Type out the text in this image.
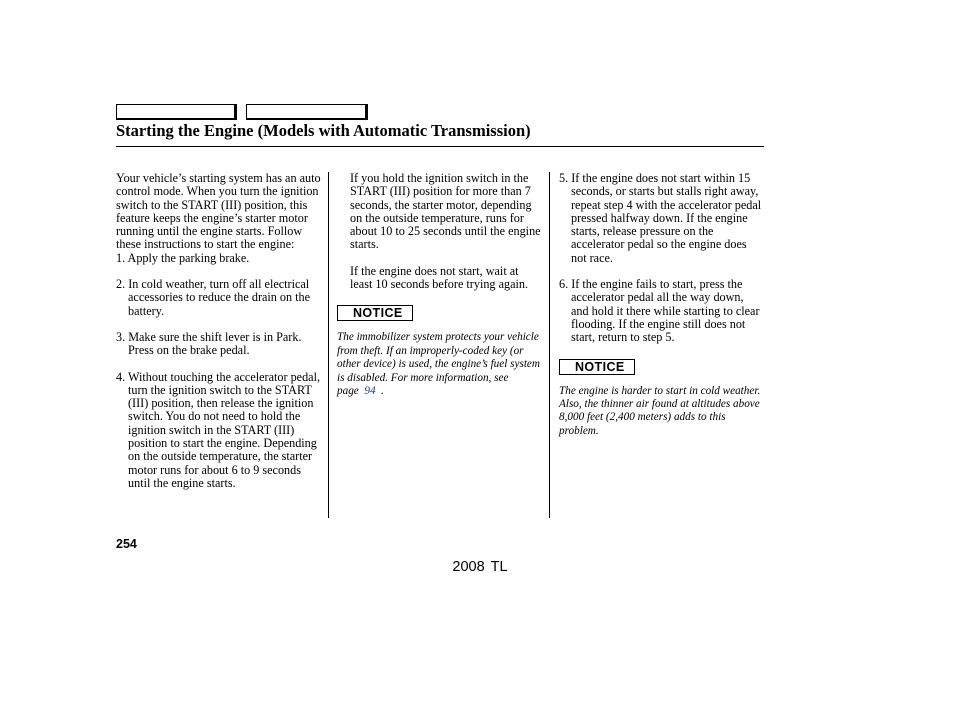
Starting the Engine (Models with Automatic Transmission)

Your vehicle’s starting system has an auto control mode. When you turn the ignition switch to the START (III) position, this feature keeps the engine’s starter motor running until the engine starts. Follow these instructions to start the engine:

1. Apply the parking brake.

2. In cold weather, turn off all electrical accessories to reduce the drain on the battery.

3. Make sure the shift lever is in Park. Press on the brake pedal.

4. Without touching the accelerator pedal, turn the ignition switch to the START (III) position, then release the ignition switch. You do not need to hold the ignition switch in the START (III) position to start the engine. Depending on the outside temperature, the starter motor runs for about 6 to 9 seconds until the engine starts.

If you hold the ignition switch in the START (III) position for more than 7 seconds, the starter motor, depending on the outside temperature, runs for about 10 to 25 seconds until the engine starts.

If the engine does not start, wait at least 10 seconds before trying again.

NOTICE

The immobilizer system protects your vehicle from theft. If an improperly-coded key (or other device) is used, the engine’s fuel system is disabled. For more information, see page 94 .

5. If the engine does not start within 15 seconds, or starts but stalls right away, repeat step 4 with the accelerator pedal pressed halfway down. If the engine starts, release pressure on the accelerator pedal so the engine does not race.

6. If the engine fails to start, press the accelerator pedal all the way down, and hold it there while starting to clear flooding. If the engine still does not start, return to step 5.

NOTICE

The engine is harder to start in cold weather. Also, the thinner air found at altitudes above 8,000 feet (2,400 meters) adds to this problem.

254
2008 TL
